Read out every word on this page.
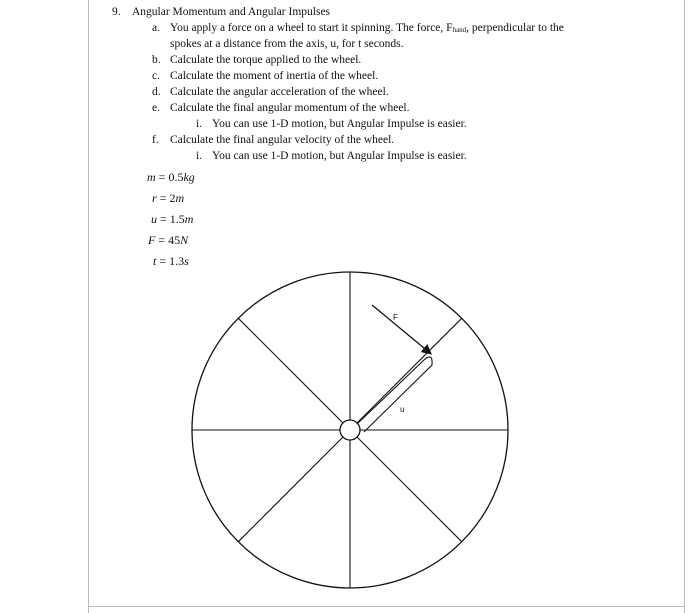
9. Angular Momentum and Angular Impulses
a. You apply a force on a wheel to start it spinning. The force, $F_{hand}$, perpendicular to the
spokes at a distance from the axis, u, for t seconds.
b. Calculate the torque applied to the wheel.
c. Calculate the moment of inertia of the wheel.
d. Calculate the angular acceleration of the wheel.
e. Calculate the final angular momentum of the wheel.
i. You can use 1-D motion, but Angular Impulse is easier.
f. Calculate the final angular velocity of the wheel.
i. You can use 1-D motion, but Angular Impulse is easier.
m = 0.5kg
r = 2m
u = 1.5m
F = 45N
t = 1.3s
F
u
